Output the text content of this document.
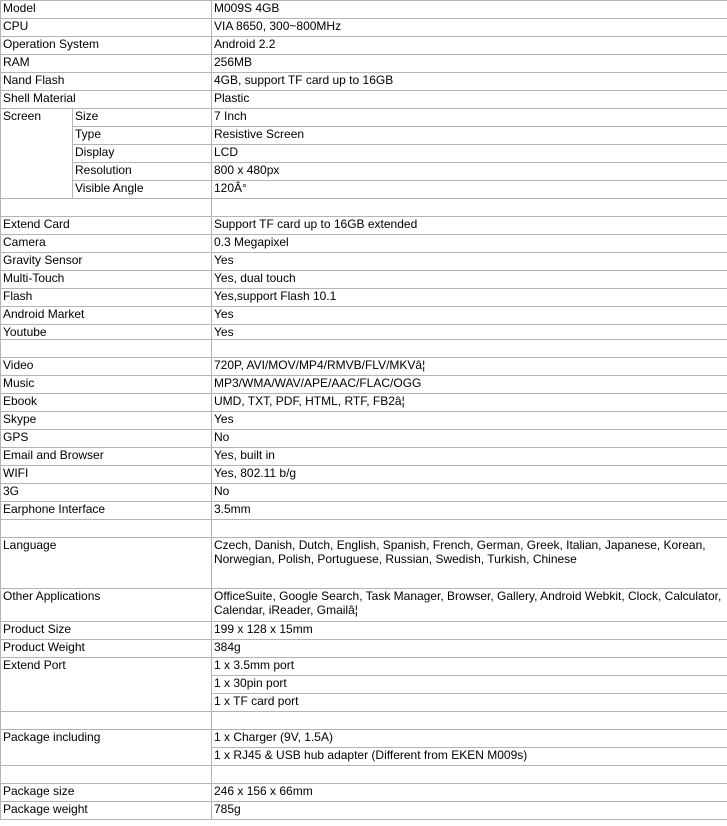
Model		M009S 4GB
CPU		VIA 8650, 300~800MHz
Operation System		Android 2.2
RAM		256MB
Nand Flash		4GB, support TF card up to 16GB
Shell Material		Plastic
Screen	Size	7 Inch
	Type	Resistive Screen
	Display	LCD
	Resolution	800 x 480px
	Visible Angle	120Â°

Extend Card		Support TF card up to 16GB extended
Camera		0.3 Megapixel
Gravity Sensor		Yes
Multi-Touch		Yes, dual touch
Flash		Yes,support Flash 10.1
Android Market		Yes
Youtube		Yes

Video		720P, AVI/MOV/MP4/RMVB/FLV/MKVâ¦
Music		MP3/WMA/WAV/APE/AAC/FLAC/OGG
Ebook		UMD, TXT, PDF, HTML, RTF, FB2â¦
Skype		Yes
GPS		No
Email and Browser		Yes, built in
WIFI		Yes, 802.11 b/g
3G		No
Earphone Interface		3.5mm

Language		Czech, Danish, Dutch, English, Spanish, French, German, Greek, Italian, Japanese, Korean, Norwegian, Polish, Portuguese, Russian, Swedish, Turkish, Chinese
Other Applications		OfficeSuite, Google Search, Task Manager, Browser, Gallery, Android Webkit, Clock, Calculator, Calendar, iReader, Gmailâ¦
Product Size		199 x 128 x 15mm
Product Weight		384g
Extend Port		1 x 3.5mm port
		1 x 30pin port
		1 x TF card port

Package including		1 x Charger (9V, 1.5A)
		1 x RJ45 & USB hub adapter (Different from EKEN M009s)

Package size		246 x 156 x 66mm
Package weight		785g
